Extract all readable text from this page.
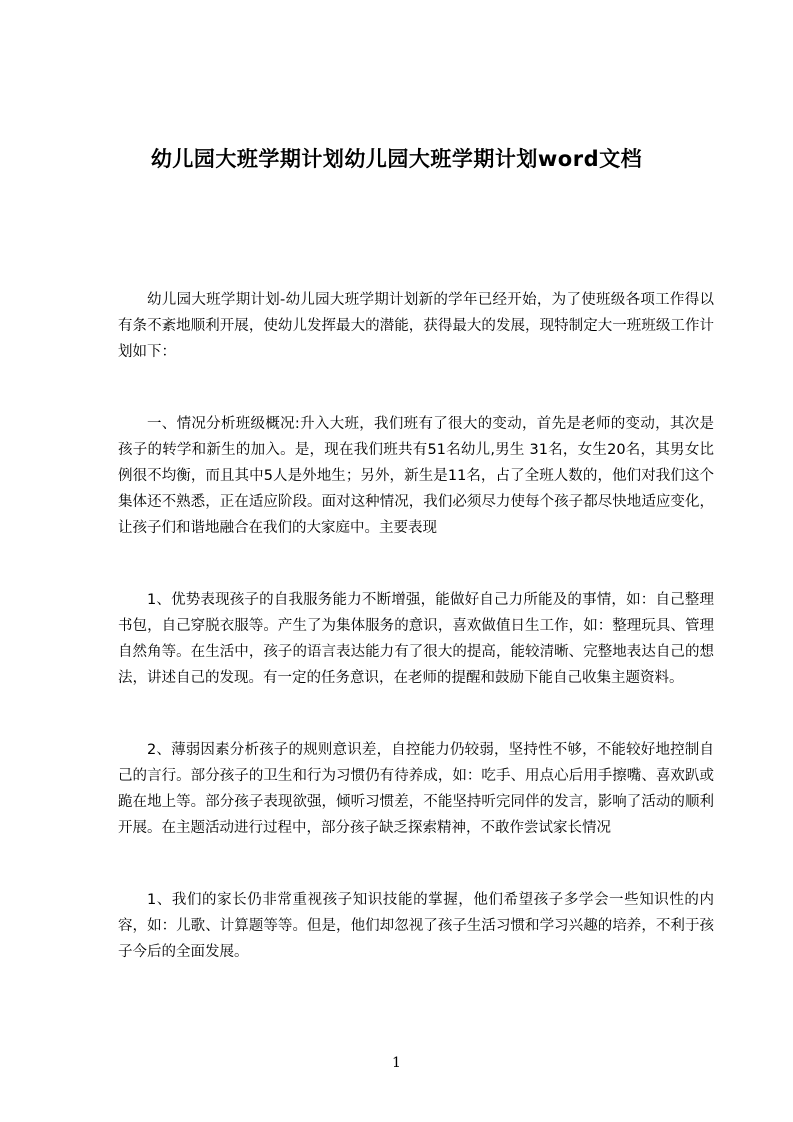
幼儿园大班学期计划幼儿园大班学期计划word文档

幼儿园大班学期计划-幼儿园大班学期计划新的学年已经开始，为了使班级各项工作得以有条不紊地顺利开展，使幼儿发挥最大的潜能，获得最大的发展，现特制定大一班班级工作计划如下：

一、情况分析班级概况:升入大班，我们班有了很大的变动，首先是老师的变动，其次是孩子的转学和新生的加入。是，现在我们班共有51名幼儿,男生 31名，女生20名，其男女比例很不均衡，而且其中5人是外地生；另外，新生是11名，占了全班人数的，他们对我们这个集体还不熟悉，正在适应阶段。面对这种情况，我们必须尽力使每个孩子都尽快地适应变化，让孩子们和谐地融合在我们的大家庭中。主要表现

1、优势表现孩子的自我服务能力不断增强，能做好自己力所能及的事情，如：自己整理书包，自己穿脱衣服等。产生了为集体服务的意识，喜欢做值日生工作，如：整理玩具、管理自然角等。在生活中，孩子的语言表达能力有了很大的提高，能较清晰、完整地表达自己的想法，讲述自己的发现。有一定的任务意识，在老师的提醒和鼓励下能自己收集主题资料。

2、薄弱因素分析孩子的规则意识差，自控能力仍较弱，坚持性不够，不能较好地控制自己的言行。部分孩子的卫生和行为习惯仍有待养成，如：吃手、用点心后用手擦嘴、喜欢趴或跪在地上等。部分孩子表现欲强，倾听习惯差，不能坚持听完同伴的发言，影响了活动的顺利开展。在主题活动进行过程中，部分孩子缺乏探索精神，不敢作尝试家长情况

1、我们的家长仍非常重视孩子知识技能的掌握，他们希望孩子多学会一些知识性的内容，如：儿歌、计算题等等。但是，他们却忽视了孩子生活习惯和学习兴趣的培养，不利于孩子今后的全面发展。

1
